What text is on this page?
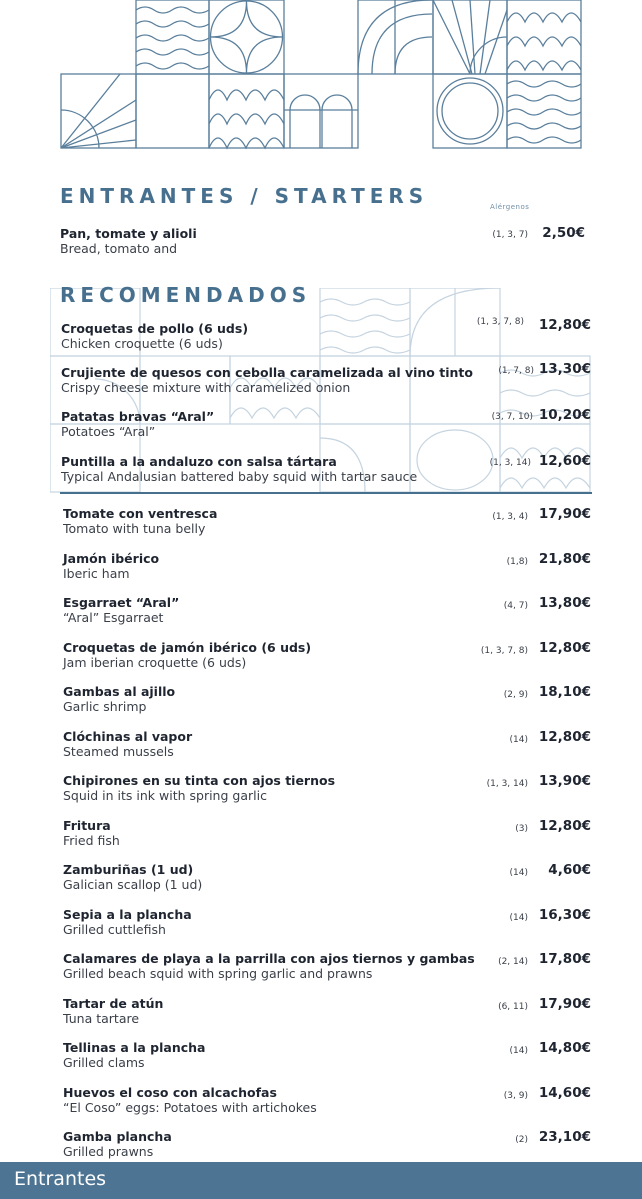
ENTRANTES / STARTERS	Alérgenos
Pan, tomate y alioli
Bread, tomato and
(1, 3, 7)	2,50€
RECOMENDADOS
Croquetas de pollo (6 uds)
Chicken croquette (6 uds)
(1, 3, 7, 8)	12,80€
Crujiente de quesos con cebolla caramelizada al vino tinto
Crispy cheese mixture with caramelized onion
(1, 7, 8) 13,30€
Patatas bravas “Aral”
Potatoes “Aral”
(3, 7, 10) 10,20€
Puntilla a la andaluzo con salsa tártara
Typical Andalusian battered baby squid with tartar sauce
(1, 3, 14) 12,60€
Tomate con ventresca
Tomato with tuna belly
(1, 3, 4) 17,90€
Jamón ibérico
Iberic ham
(1,8) 21,80€
Esgarraet “Aral”
“Aral” Esgarraet
(4, 7) 13,80€
Croquetas de jamón ibérico (6 uds)
Jam iberian croquette (6 uds)
(1, 3, 7, 8) 12,80€
Gambas al ajillo
Garlic shrimp
(2, 9) 18,10€
Clóchinas al vapor
Steamed mussels
(14) 12,80€
Chipirones en su tinta con ajos tiernos
Squid in its ink with spring garlic
(1, 3, 14) 13,90€
Fritura
Fried fish
(3) 12,80€
Zamburiñas (1 ud)
Galician scallop (1 ud)
(14)	4,60€
Sepia a la plancha
Grilled cuttlefish
(14) 16,30€
Calamares de playa a la parrilla con ajos tiernos y gambas
Grilled beach squid with spring garlic and prawns
(2, 14) 17,80€
Tartar de atún
Tuna tartare
(6, 11) 17,90€
Tellinas a la plancha
Grilled clams
(14) 14,80€
Huevos el coso con alcachofas
“El Coso” eggs: Potatoes with artichokes
(3, 9) 14,60€
Gamba plancha
Grilled prawns
(2) 23,10€
Entrantes
